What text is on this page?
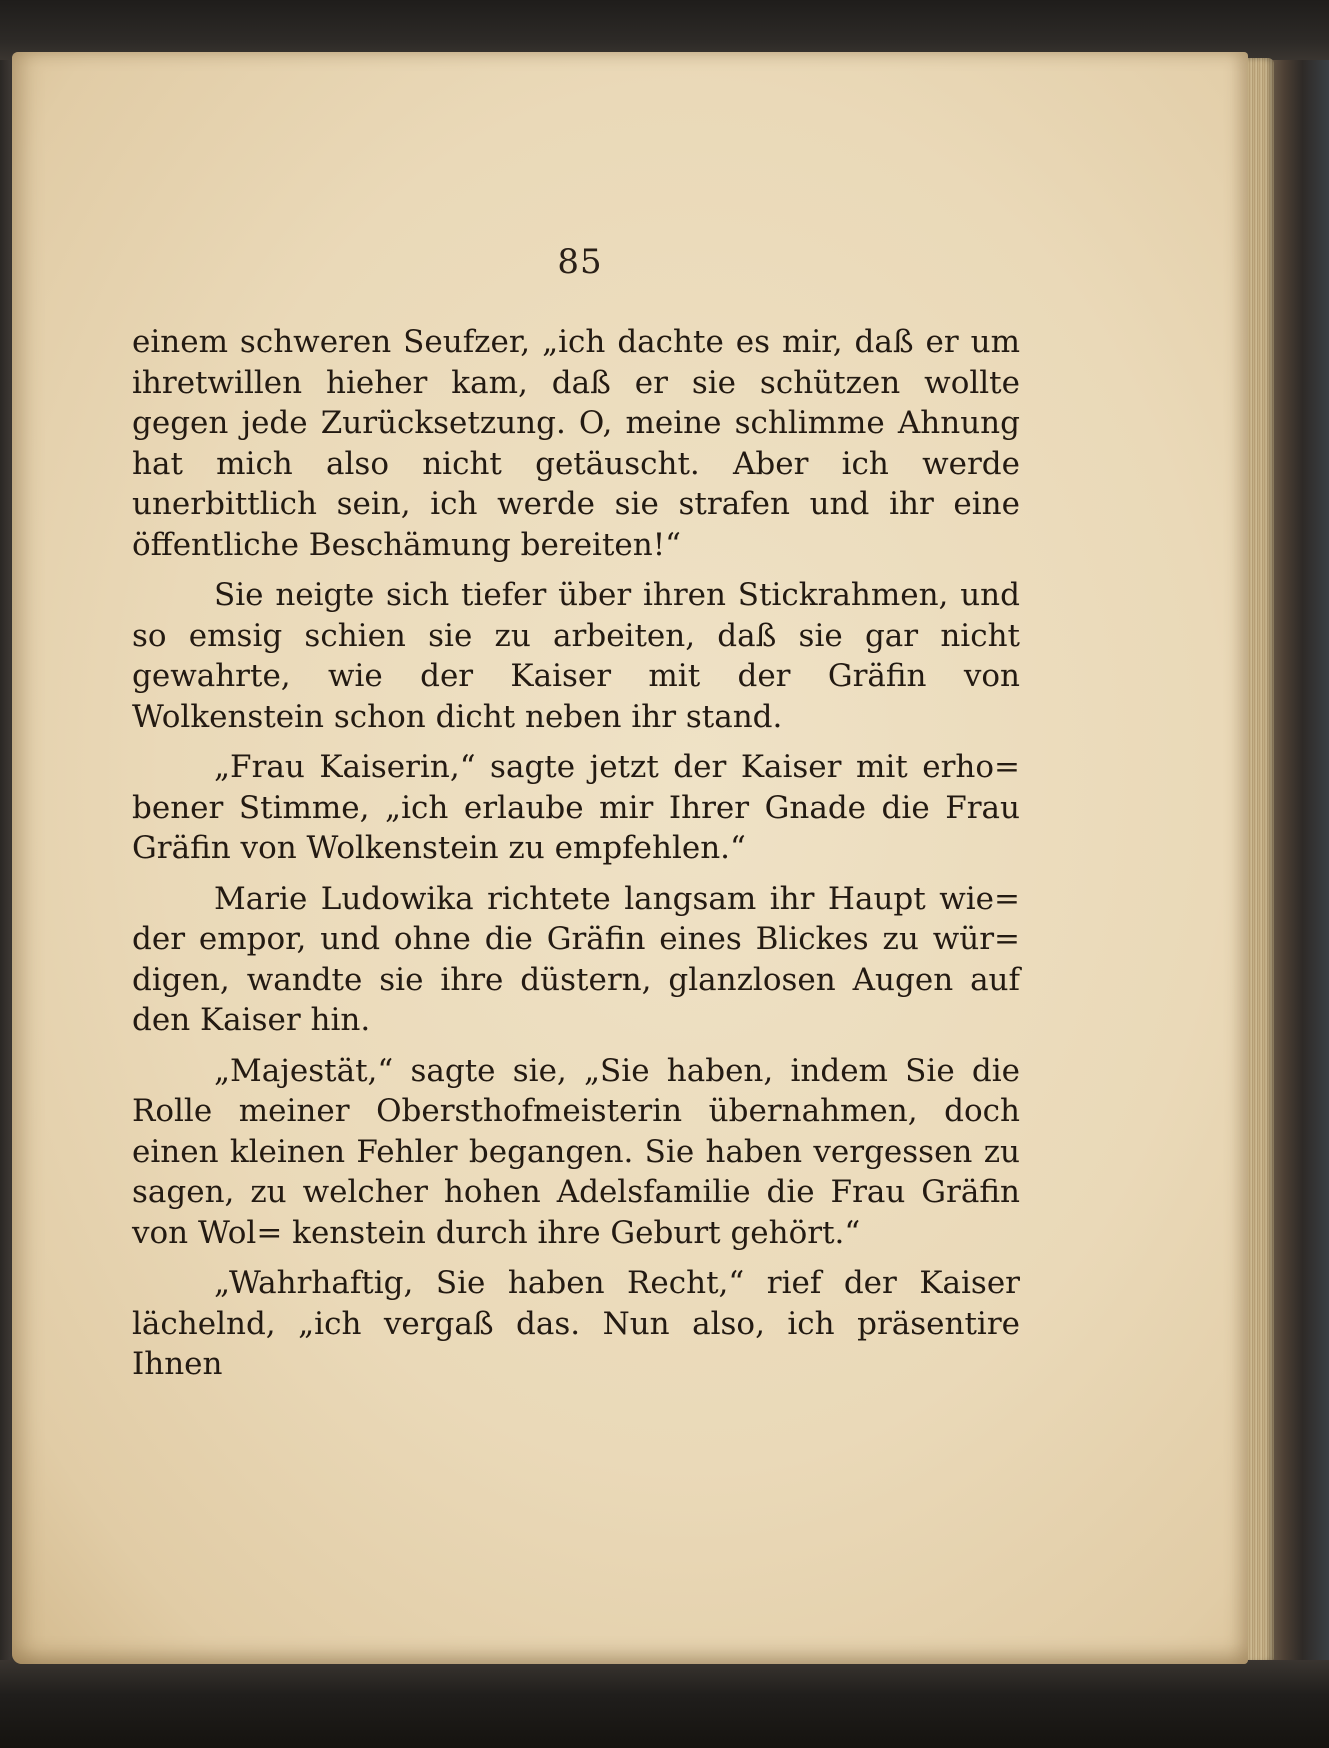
85

einem schweren Seufzer, „ich dachte es mir, daß er um ihretwillen hieher kam, daß er sie schützen wollte gegen jede Zurücksetzung. O, meine schlimme Ahnung hat mich also nicht getäuscht. Aber ich werde unerbittlich sein, ich werde sie strafen und ihr eine öffentliche Beschämung bereiten!“

Sie neigte sich tiefer über ihren Stickrahmen, und so emsig schien sie zu arbeiten, daß sie gar nicht gewahrte, wie der Kaiser mit der Gräfin von Wolkenstein schon dicht neben ihr stand.

„Frau Kaiserin,“ sagte jetzt der Kaiser mit erho= bener Stimme, „ich erlaube mir Ihrer Gnade die Frau Gräfin von Wolkenstein zu empfehlen.“

Marie Ludowika richtete langsam ihr Haupt wie= der empor, und ohne die Gräfin eines Blickes zu wür= digen, wandte sie ihre düstern, glanzlosen Augen auf den Kaiser hin.

„Majestät,“ sagte sie, „Sie haben, indem Sie die Rolle meiner Obersthofmeisterin übernahmen, doch einen kleinen Fehler begangen. Sie haben vergessen zu sagen, zu welcher hohen Adelsfamilie die Frau Gräfin von Wol= kenstein durch ihre Geburt gehört.“

„Wahrhaftig, Sie haben Recht,“ rief der Kaiser lächelnd, „ich vergaß das. Nun also, ich präsentire Ihnen
